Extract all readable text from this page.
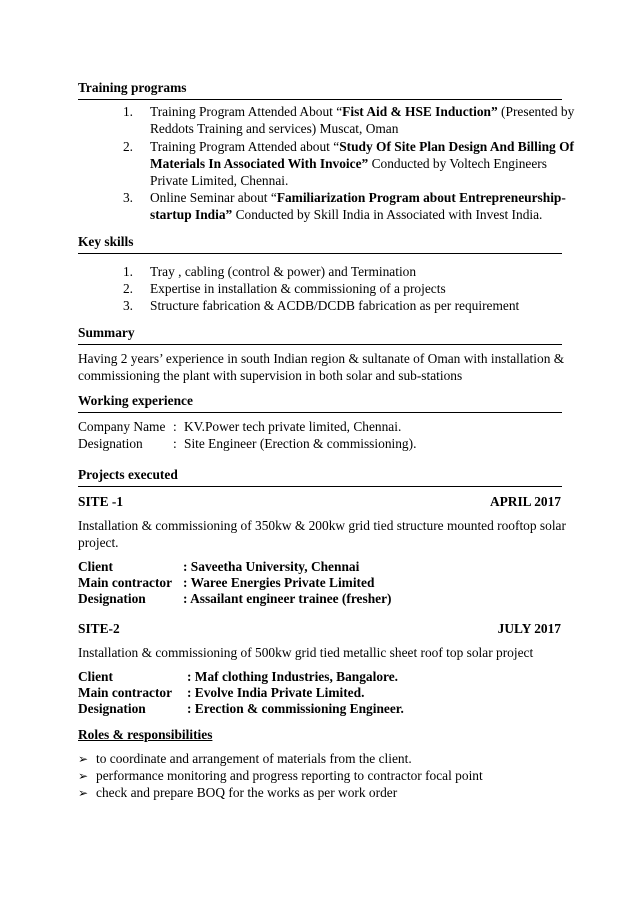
Training programs
1. Training Program Attended About “Fist Aid & HSE Induction” (Presented by
Reddots Training and services) Muscat, Oman
2. Training Program Attended about “Study Of Site Plan Design And Billing Of
Materials In Associated With Invoice” Conducted by Voltech Engineers
Private Limited, Chennai.
3. Online Seminar about “Familiarization Program about Entrepreneurship-
startup India” Conducted by Skill India in Associated with Invest India.
Key skills
1. Tray , cabling (control & power) and Termination
2. Expertise in installation & commissioning of a projects
3. Structure fabrication & ACDB/DCDB fabrication as per requirement
Summary
Having 2 years’ experience in south Indian region & sultanate of Oman with installation &
commissioning the plant with supervision in both solar and sub-stations
Working experience
Company Name : KV.Power tech private limited, Chennai.
Designation : Site Engineer (Erection & commissioning).
Projects executed
SITE -1	APRIL 2017
Installation & commissioning of 350kw & 200kw grid tied structure mounted rooftop solar
project.
Client	: Saveetha University, Chennai
Main contractor : Waree Energies Private Limited
Designation	: Assailant engineer trainee (fresher)
SITE-2	JULY 2017
Installation & commissioning of 500kw grid tied metallic sheet roof top solar project
Client	: Maf clothing Industries, Bangalore.
Main contractor : Evolve India Private Limited.
Designation	: Erection & commissioning Engineer.
Roles & responsibilities
➢ to coordinate and arrangement of materials from the client.
➢ performance monitoring and progress reporting to contractor focal point
➢ check and prepare BOQ for the works as per work order
